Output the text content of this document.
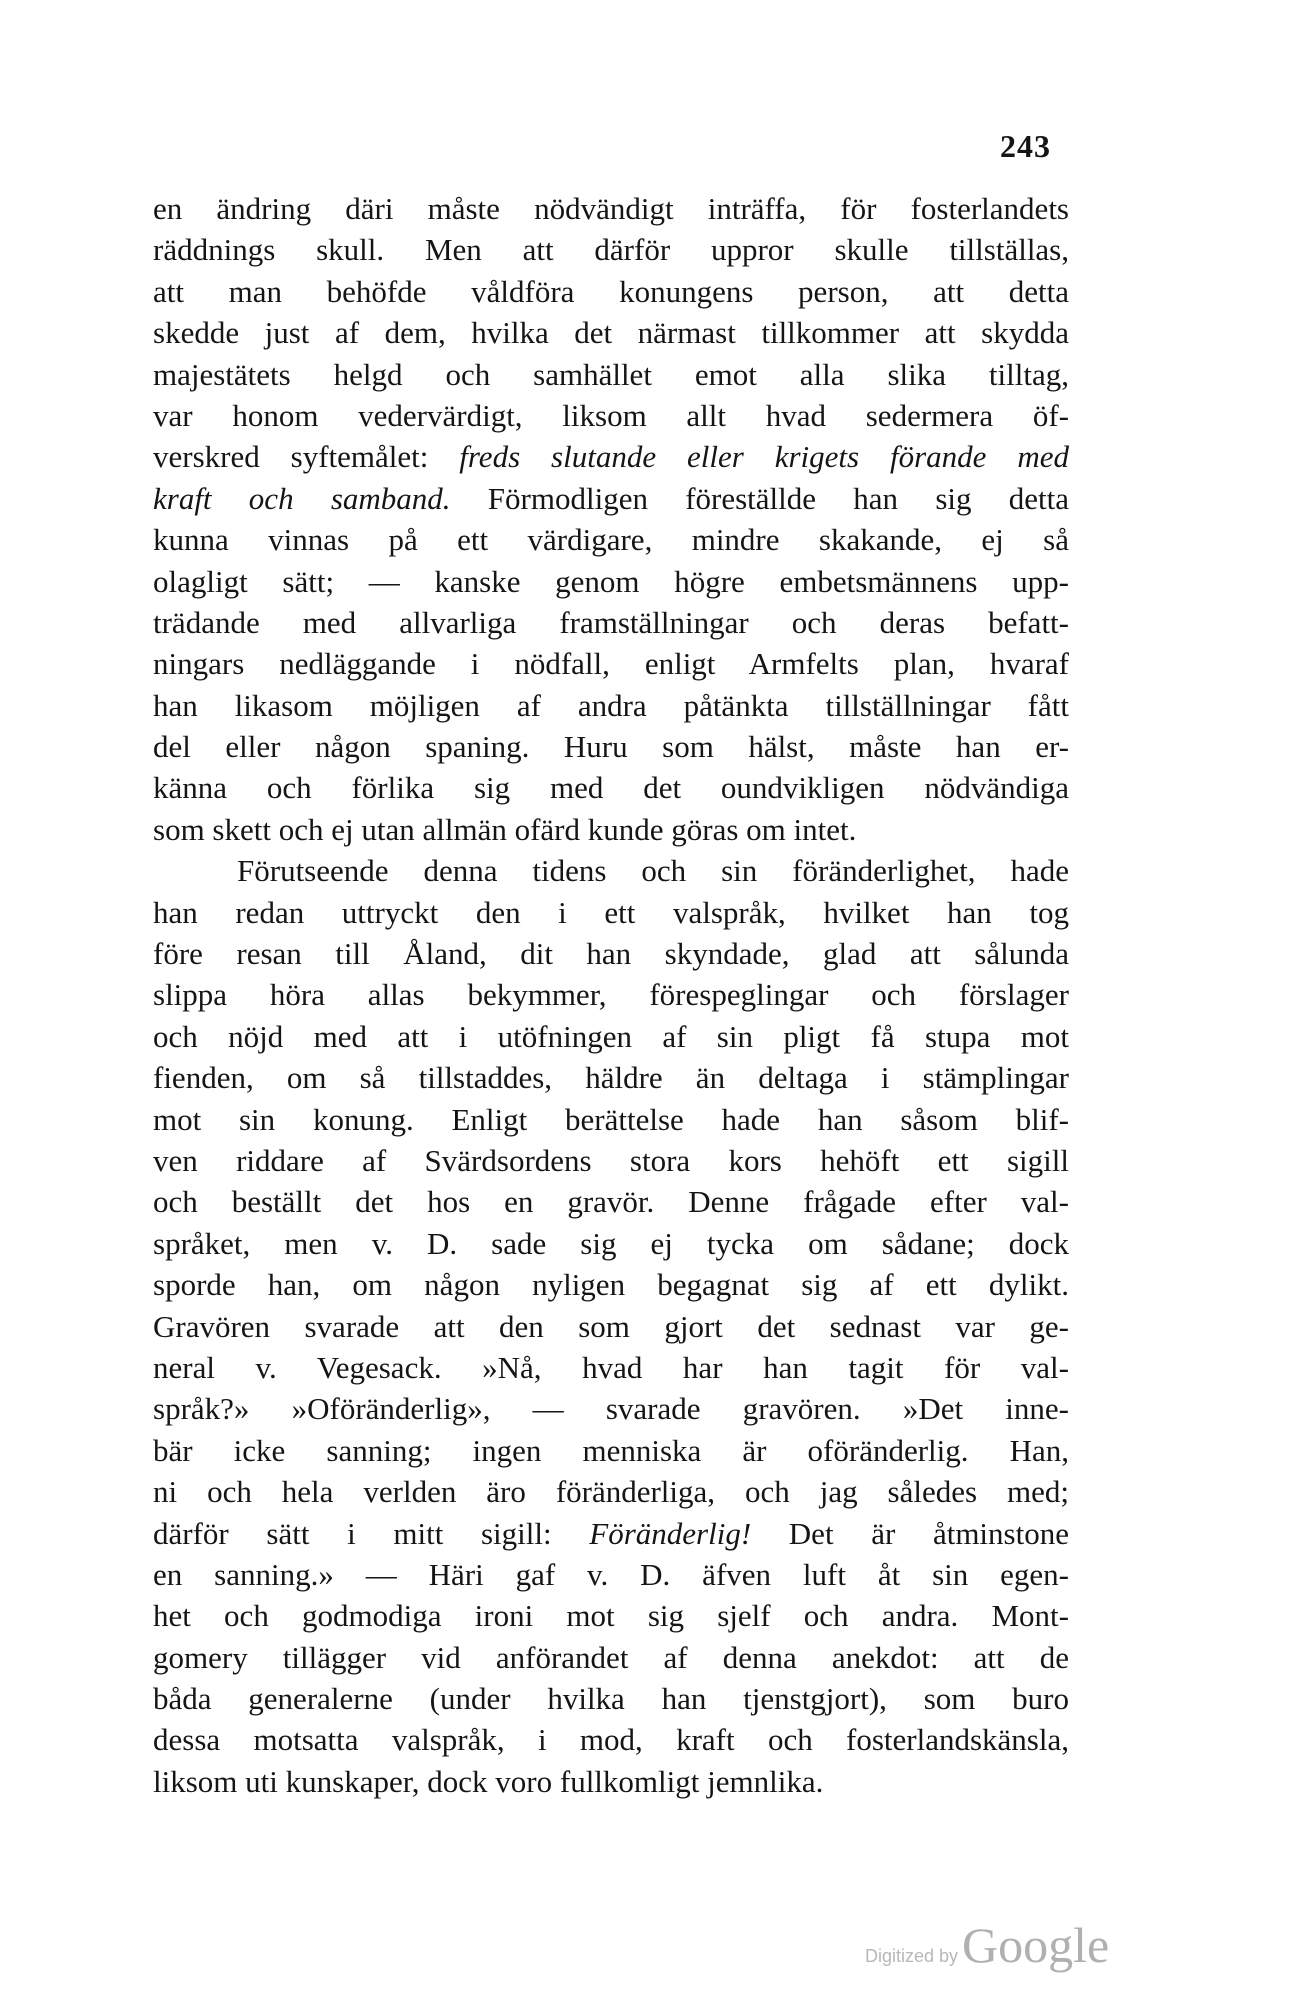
243
en ändring däri måste nödvändigt inträffa, för fosterlandets
räddnings skull. Men att därför uppror skulle tillställas,
att man behöfde våldföra konungens person, att detta
skedde just af dem, hvilka det närmast tillkommer att skydda
majestätets helgd och samhället emot alla slika tilltag,
var honom vedervärdigt, liksom allt hvad sedermera öf-
verskred syftemålet: freds slutande eller krigets förande med
kraft och samband. Förmodligen föreställde han sig detta
kunna vinnas på ett värdigare, mindre skakande, ej så
olagligt sätt; — kanske genom högre embetsmännens upp-
trädande med allvarliga framställningar och deras befatt-
ningars nedläggande i nödfall, enligt Armfelts plan, hvaraf
han likasom möjligen af andra påtänkta tillställningar fått
del eller någon spaning. Huru som hälst, måste han er-
känna och förlika sig med det oundvikligen nödvändiga
som skett och ej utan allmän ofärd kunde göras om intet.
Förutseende denna tidens och sin föränderlighet, hade
han redan uttryckt den i ett valspråk, hvilket han tog
före resan till Åland, dit han skyndade, glad att sålunda
slippa höra allas bekymmer, förespeglingar och förslager
och nöjd med att i utöfningen af sin pligt få stupa mot
fienden, om så tillstaddes, häldre än deltaga i stämplingar
mot sin konung. Enligt berättelse hade han såsom blif-
ven riddare af Svärdsordens stora kors hehöft ett sigill
och beställt det hos en gravör. Denne frågade efter val-
språket, men v. D. sade sig ej tycka om sådane; dock
sporde han, om någon nyligen begagnat sig af ett dylikt.
Gravören svarade att den som gjort det sednast var ge-
neral v. Vegesack. »Nå, hvad har han tagit för val-
språk?» »Oföränderlig», — svarade gravören. »Det inne-
bär icke sanning; ingen menniska är oföränderlig. Han,
ni och hela verlden äro föränderliga, och jag således med;
därför sätt i mitt sigill: Föränderlig! Det är åtminstone
en sanning.» — Häri gaf v. D. äfven luft åt sin egen-
het och godmodiga ironi mot sig sjelf och andra. Mont-
gomery tillägger vid anförandet af denna anekdot: att de
båda generalerne (under hvilka han tjenstgjort), som buro
dessa motsatta valspråk, i mod, kraft och fosterlandskänsla,
liksom uti kunskaper, dock voro fullkomligt jemnlika.
Digitized by Google
